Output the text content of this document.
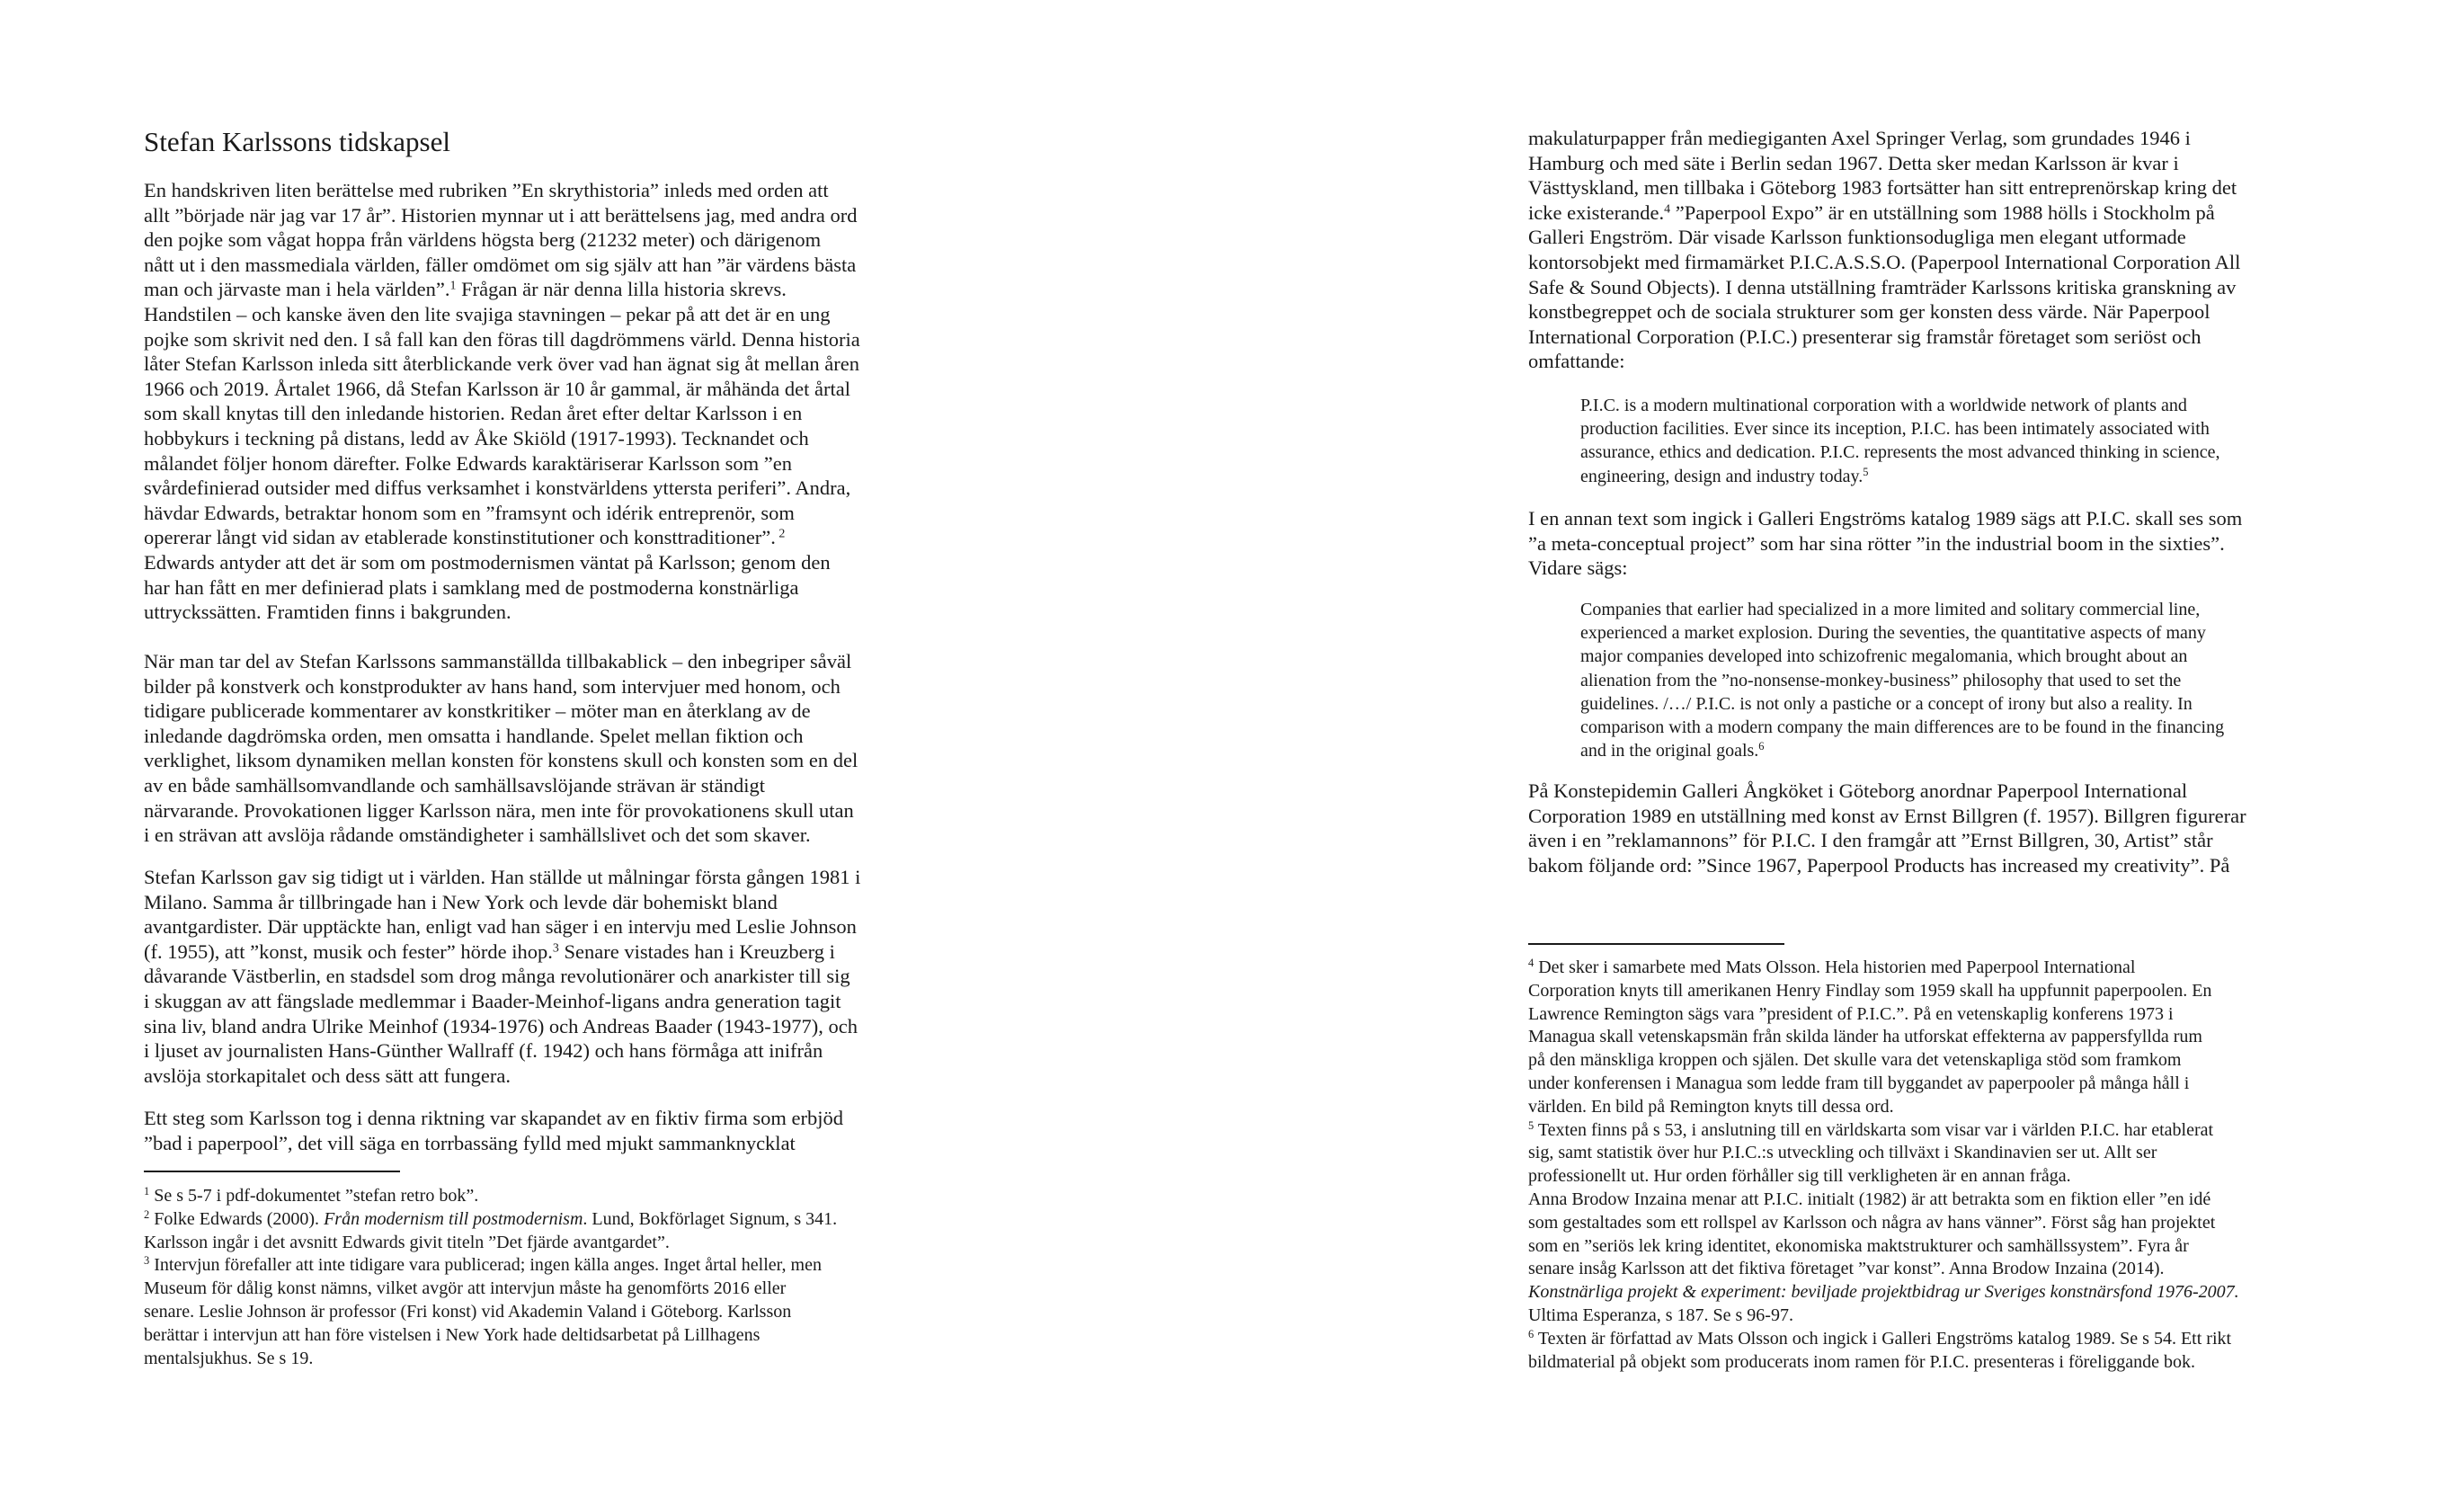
Stefan Karlssons tidskapsel
En handskriven liten berättelse med rubriken ”En skrythistoria” inleds med orden att
allt ”började när jag var 17 år”. Historien mynnar ut i att berättelsens jag, med andra ord
den pojke som vågat hoppa från världens högsta berg (21232 meter) och därigenom
nått ut i den massmediala världen, fäller omdömet om sig själv att han ”är värdens bästa
man och järvaste man i hela världen”.$^1$ Frågan är när denna lilla historia skrevs.
Handstilen – och kanske även den lite svajiga stavningen – pekar på att det är en ung
pojke som skrivit ned den. I så fall kan den föras till dagdrömmens värld. Denna historia
låter Stefan Karlsson inleda sitt återblickande verk över vad han ägnat sig åt mellan åren
1966 och 2019. Årtalet 1966, då Stefan Karlsson är 10 år gammal, är måhända det årtal
som skall knytas till den inledande historien. Redan året efter deltar Karlsson i en
hobbykurs i teckning på distans, ledd av Åke Skiöld (1917-1993). Tecknandet och
målandet följer honom därefter. Folke Edwards karaktäriserar Karlsson som ”en
svårdefinierad outsider med diffus verksamhet i konstvärldens yttersta periferi”. Andra,
hävdar Edwards, betraktar honom som en ”framsynt och idérik entreprenör, som
opererar långt vid sidan av etablerade konstinstitutioner och konsttraditioner”. $^2$
Edwards antyder att det är som om postmodernismen väntat på Karlsson; genom den
har han fått en mer definierad plats i samklang med de postmoderna konstnärliga
uttryckssätten. Framtiden finns i bakgrunden.
När man tar del av Stefan Karlssons sammanställda tillbakablick – den inbegriper såväl
bilder på konstverk och konstprodukter av hans hand, som intervjuer med honom, och
tidigare publicerade kommentarer av konstkritiker – möter man en återklang av de
inledande dagdrömska orden, men omsatta i handlande. Spelet mellan fiktion och
verklighet, liksom dynamiken mellan konsten för konstens skull och konsten som en del
av en både samhällsomvandlande och samhällsavslöjande strävan är ständigt
närvarande. Provokationen ligger Karlsson nära, men inte för provokationens skull utan
i en strävan att avslöja rådande omständigheter i samhällslivet och det som skaver.
Stefan Karlsson gav sig tidigt ut i världen. Han ställde ut målningar första gången 1981 i
Milano. Samma år tillbringade han i New York och levde där bohemiskt bland
avantgardister. Där upptäckte han, enligt vad han säger i en intervju med Leslie Johnson
(f. 1955), att ”konst, musik och fester” hörde ihop.$^3$ Senare vistades han i Kreuzberg i
dåvarande Västberlin, en stadsdel som drog många revolutionärer och anarkister till sig
i skuggan av att fängslade medlemmar i Baader-Meinhof-ligans andra generation tagit
sina liv, bland andra Ulrike Meinhof (1934-1976) och Andreas Baader (1943-1977), och
i ljuset av journalisten Hans-Günther Wallraff (f. 1942) och hans förmåga att inifrån
avslöja storkapitalet och dess sätt att fungera.
Ett steg som Karlsson tog i denna riktning var skapandet av en fiktiv firma som erbjöd
”bad i paperpool”, det vill säga en torrbassäng fylld med mjukt sammanknycklat
$^1$ Se s 5-7 i pdf-dokumentet ”stefan retro bok”.
$^2$ Folke Edwards (2000). Från modernism till postmodernism. Lund, Bokförlaget Signum, s 341.
Karlsson ingår i det avsnitt Edwards givit titeln ”Det fjärde avantgardet”.
$^3$ Intervjun förefaller att inte tidigare vara publicerad; ingen källa anges. Inget årtal heller, men
Museum för dålig konst nämns, vilket avgör att intervjun måste ha genomförts 2016 eller
senare. Leslie Johnson är professor (Fri konst) vid Akademin Valand i Göteborg. Karlsson
berättar i intervjun att han före vistelsen i New York hade deltidsarbetat på Lillhagens
mentalsjukhus. Se s 19.
makulaturpapper från mediegiganten Axel Springer Verlag, som grundades 1946 i
Hamburg och med säte i Berlin sedan 1967. Detta sker medan Karlsson är kvar i
Västtyskland, men tillbaka i Göteborg 1983 fortsätter han sitt entreprenörskap kring det
icke existerande.$^4$ ”Paperpool Expo” är en utställning som 1988 hölls i Stockholm på
Galleri Engström. Där visade Karlsson funktionsodugliga men elegant utformade
kontorsobjekt med firmamärket P.I.C.A.S.S.O. (Paperpool International Corporation All
Safe & Sound Objects). I denna utställning framträder Karlssons kritiska granskning av
konstbegreppet och de sociala strukturer som ger konsten dess värde. När Paperpool
International Corporation (P.I.C.) presenterar sig framstår företaget som seriöst och
omfattande:
P.I.C. is a modern multinational corporation with a worldwide network of plants and
production facilities. Ever since its inception, P.I.C. has been intimately associated with
assurance, ethics and dedication. P.I.C. represents the most advanced thinking in science,
engineering, design and industry today.$^5$
I en annan text som ingick i Galleri Engströms katalog 1989 sägs att P.I.C. skall ses som
”a meta-conceptual project” som har sina rötter ”in the industrial boom in the sixties”.
Vidare sägs:
Companies that earlier had specialized in a more limited and solitary commercial line,
experienced a market explosion. During the seventies, the quantitative aspects of many
major companies developed into schizofrenic megalomania, which brought about an
alienation from the ”no-nonsense-monkey-business” philosophy that used to set the
guidelines. /…/ P.I.C. is not only a pastiche or a concept of irony but also a reality. In
comparison with a modern company the main differences are to be found in the financing
and in the original goals.$^6$
På Konstepidemin Galleri Ångköket i Göteborg anordnar Paperpool International
Corporation 1989 en utställning med konst av Ernst Billgren (f. 1957). Billgren figurerar
även i en ”reklamannons” för P.I.C. I den framgår att ”Ernst Billgren, 30, Artist” står
bakom följande ord: ”Since 1967, Paperpool Products has increased my creativity”. På
$^4$ Det sker i samarbete med Mats Olsson. Hela historien med Paperpool International
Corporation knyts till amerikanen Henry Findlay som 1959 skall ha uppfunnit paperpoolen. En
Lawrence Remington sägs vara ”president of P.I.C.”. På en vetenskaplig konferens 1973 i
Managua skall vetenskapsmän från skilda länder ha utforskat effekterna av pappersfyllda rum
på den mänskliga kroppen och själen. Det skulle vara det vetenskapliga stöd som framkom
under konferensen i Managua som ledde fram till byggandet av paperpooler på många håll i
världen. En bild på Remington knyts till dessa ord.
$^5$ Texten finns på s 53, i anslutning till en världskarta som visar var i världen P.I.C. har etablerat
sig, samt statistik över hur P.I.C.:s utveckling och tillväxt i Skandinavien ser ut. Allt ser
professionellt ut. Hur orden förhåller sig till verkligheten är en annan fråga.
Anna Brodow Inzaina menar att P.I.C. initialt (1982) är att betrakta som en fiktion eller ”en idé
som gestaltades som ett rollspel av Karlsson och några av hans vänner”. Först såg han projektet
som en ”seriös lek kring identitet, ekonomiska maktstrukturer och samhällssystem”. Fyra år
senare insåg Karlsson att det fiktiva företaget ”var konst”. Anna Brodow Inzaina (2014).
Konstnärliga projekt & experiment: beviljade projektbidrag ur Sveriges konstnärsfond 1976-2007.
Ultima Esperanza, s 187. Se s 96-97.
$^6$ Texten är författad av Mats Olsson och ingick i Galleri Engströms katalog 1989. Se s 54. Ett rikt
bildmaterial på objekt som producerats inom ramen för P.I.C. presenteras i föreliggande bok.
